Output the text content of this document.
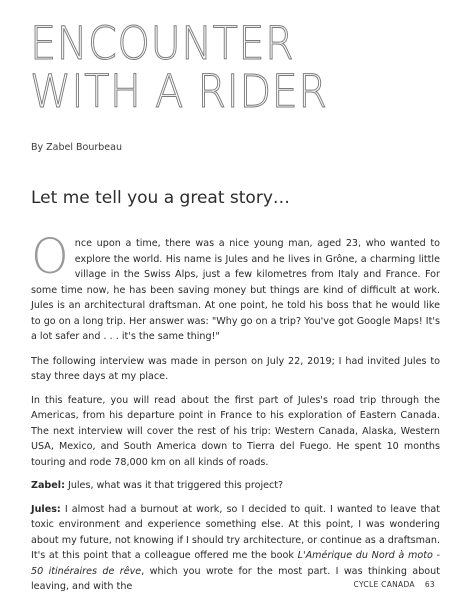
ENCOUNTER
WITH A RIDER
By Zabel Bourbeau
Let me tell you a great story…

Once upon a time, there was a nice young man, aged 23, who wanted to explore the world. His name is Jules and he lives in Grône, a charming little village in the Swiss Alps, just a few kilometres from Italy and France. For some time now, he has been saving money but things are kind of difficult at work. Jules is an architectural draftsman. At one point, he told his boss that he would like to go on a long trip. Her answer was: "Why go on a trip? You've got Google Maps! It's a lot safer and . . . it's the same thing!"

The following interview was made in person on July 22, 2019; I had invited Jules to stay three days at my place.

In this feature, you will read about the first part of Jules's road trip through the Americas, from his departure point in France to his exploration of Eastern Canada. The next interview will cover the rest of his trip: Western Canada, Alaska, Western USA, Mexico, and South America down to Tierra del Fuego. He spent 10 months touring and rode 78,000 km on all kinds of roads.

Zabel: Jules, what was it that triggered this project?

Jules: I almost had a burnout at work, so I decided to quit. I wanted to leave that toxic environment and experience something else. At this point, I was wondering about my future, not knowing if I should try architecture, or continue as a draftsman. It's at this point that a colleague offered me the book L'Amérique du Nord à moto - 50 itinéraires de rêve, which you wrote for the most part. I was thinking about leaving, and with the	CYCLE CANADA 63
